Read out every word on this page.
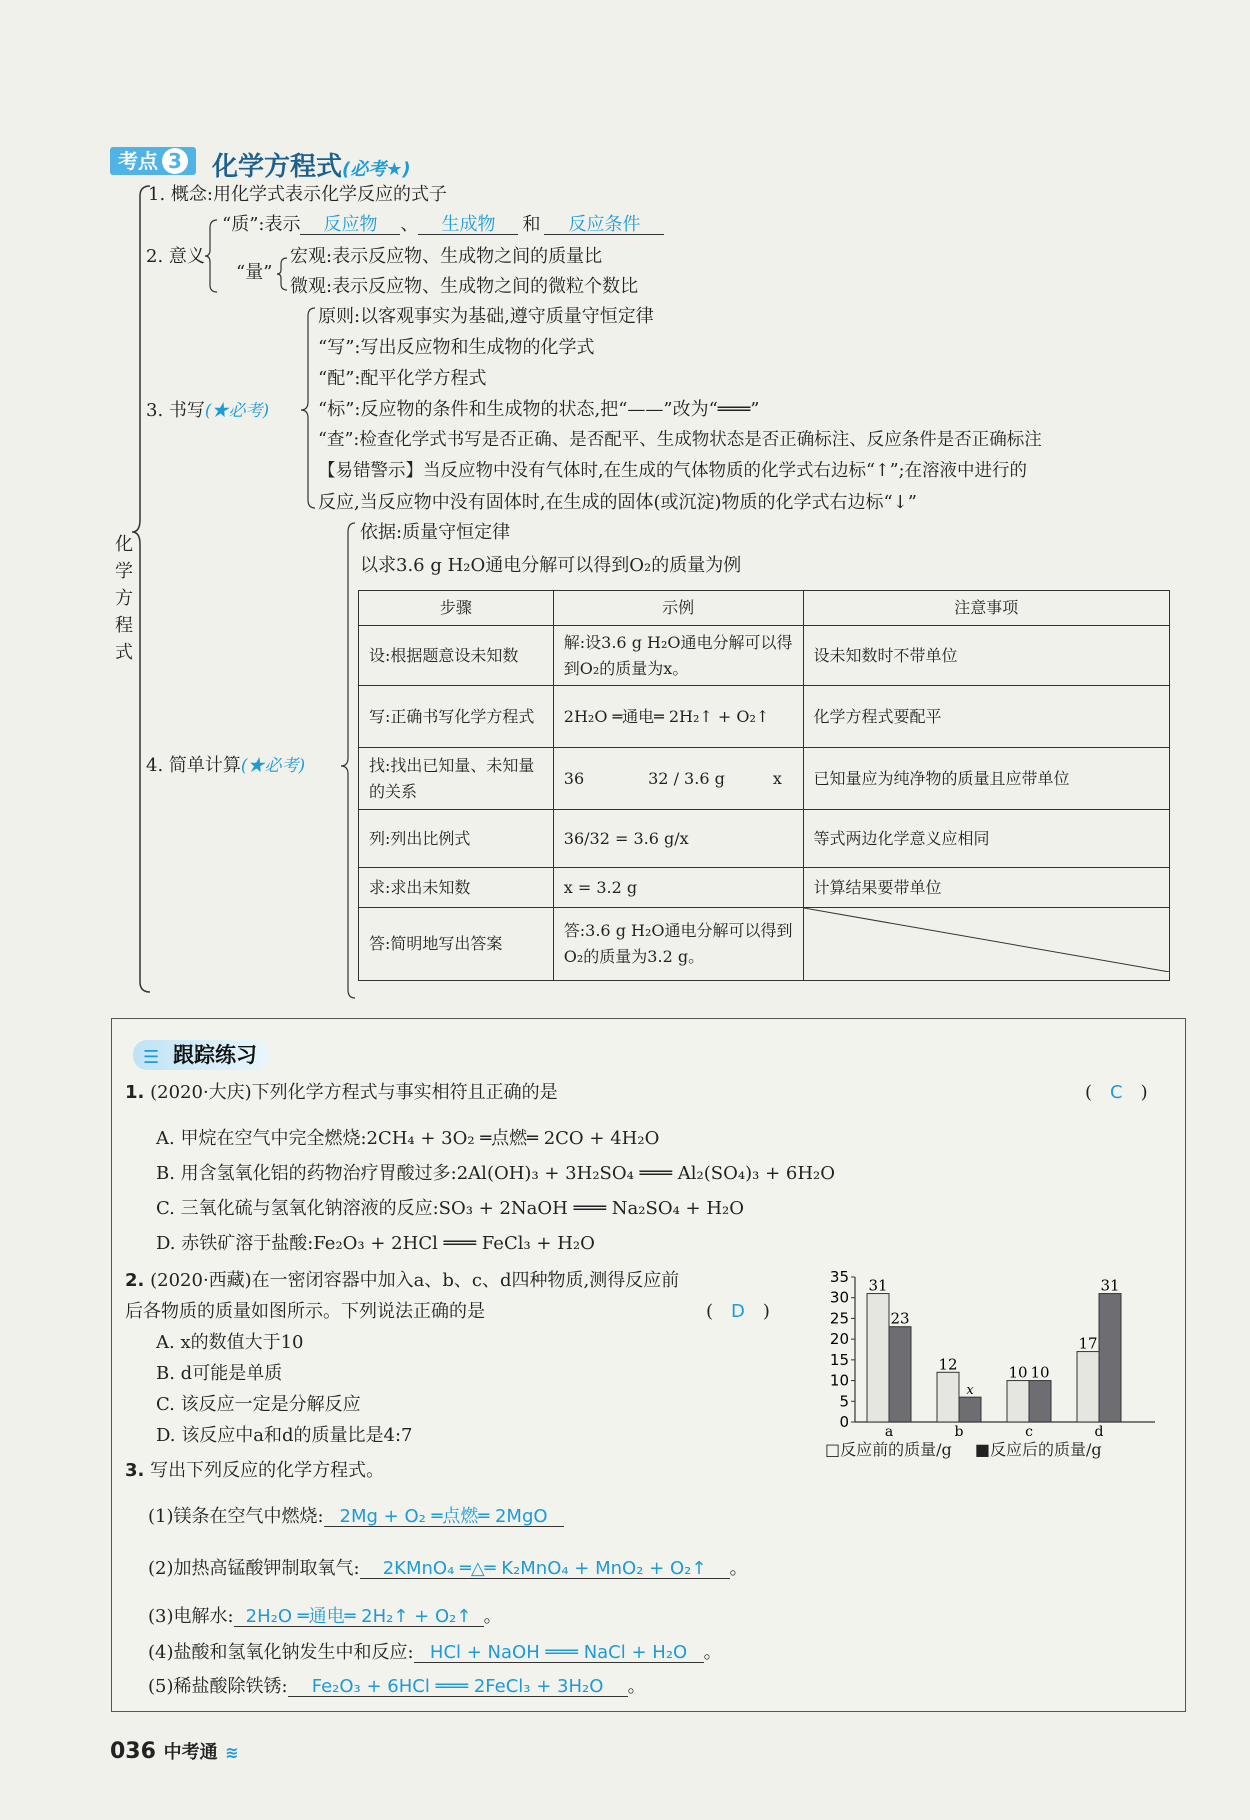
考点 3	化学方程式(必考★)
化
学
方
程
式
1. 概念:用化学式表示化学反应的式子
2. 意义
“质”:表示 反应物 、 生成物 和 反应条件
“量”
宏观:表示反应物、生成物之间的质量比
微观:表示反应物、生成物之间的微粒个数比
3. 书写(★必考)
原则:以客观事实为基础,遵守质量守恒定律
“写”:写出反应物和生成物的化学式
“配”:配平化学方程式
“标”:反应物的条件和生成物的状态,把“——”改为“═══”
“查”:检查化学式书写是否正确、是否配平、生成物状态是否正确标注、反应条件是否正确标注
【易错警示】当反应物中没有气体时,在生成的气体物质的化学式右边标“↑”;在溶液中进行的
反应,当反应物中没有固体时,在生成的固体(或沉淀)物质的化学式右边标“↓”
4. 简单计算(★必考)
依据:质量守恒定律
以求3.6 g H₂O通电分解可以得到O₂的质量为例
步骤	示例	注意事项
设:根据题意设未知数	解:设3.6 g H₂O通电分解可以得到O₂的质量为x。	设未知数时不带单位
写:正确书写化学方程式	2H₂O ═通电═ 2H₂↑ + O₂↑	化学方程式要配平
找:找出已知量、未知量的关系	36　　　　32 / 3.6 g　　　x	已知量应为纯净物的质量且应带单位
列:列出比例式	36/32 = 3.6 g/x	等式两边化学意义应相同
求:求出未知数	x = 3.2 g	计算结果要带单位
答:简明地写出答案	答:3.6 g H₂O通电分解可以得到O₂的质量为3.2 g。	
☰ 跟踪练习
1. (2020·大庆)下列化学方程式与事实相符且正确的是	(　C　)
A. 甲烷在空气中完全燃烧:2CH₄ + 3O₂ ═点燃═ 2CO + 4H₂O
B. 用含氢氧化铝的药物治疗胃酸过多:2Al(OH)₃ + 3H₂SO₄ ═══ Al₂(SO₄)₃ + 6H₂O
C. 三氧化硫与氢氧化钠溶液的反应:SO₃ + 2NaOH ═══ Na₂SO₄ + H₂O
D. 赤铁矿溶于盐酸:Fe₂O₃ + 2HCl ═══ FeCl₃ + H₂O
2. (2020·西藏)在一密闭容器中加入a、b、c、d四种物质,测得反应前
后各物质的质量如图所示。下列说法正确的是	(　D　)
A. x的数值大于10
B. d可能是单质
C. 该反应一定是分解反应
D. 该反应中a和d的质量比是4:7
0
5
10
15
20
25
30
35 31
23
a
12
x
b
10 10
c
17
31
d
□反应前的质量/g ■反应后的质量/g
3. 写出下列反应的化学方程式。
(1)镁条在空气中燃烧: 2Mg + O₂ ═点燃═ 2MgO
(2)加热高锰酸钾制取氧气: 2KMnO₄ ═△═ K₂MnO₄ + MnO₂ + O₂↑ 。
(3)电解水: 2H₂O ═通电═ 2H₂↑ + O₂↑ 。
(4)盐酸和氢氧化钠发生中和反应: HCl + NaOH ═══ NaCl + H₂O 。
(5)稀盐酸除铁锈: Fe₂O₃ + 6HCl ═══ 2FeCl₃ + 3H₂O 。
036 中考通 ≋
